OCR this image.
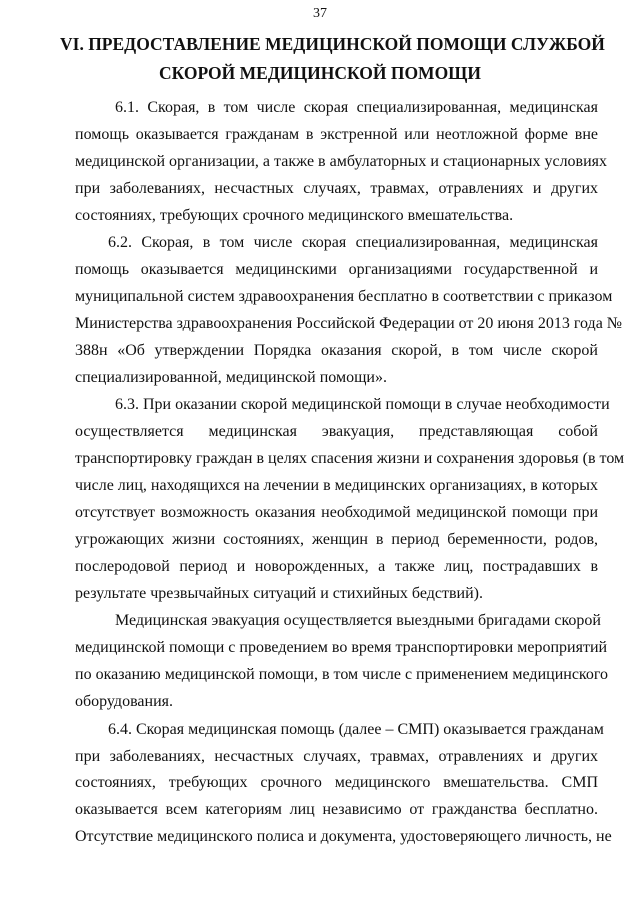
37
VI. ПРЕДОСТАВЛЕНИЕ МЕДИЦИНСКОЙ ПОМОЩИ СЛУЖБОЙ
СКОРОЙ МЕДИЦИНСКОЙ ПОМОЩИ

6.1. Скорая, в том числе скорая специализированная, медицинская
помощь оказывается гражданам в экстренной или неотложной форме вне
медицинской организации, а также в амбулаторных и стационарных условиях
при заболеваниях, несчастных случаях, травмах, отравлениях и других
состояниях, требующих срочного медицинского вмешательства.

6.2. Скорая, в том числе скорая специализированная, медицинская
помощь оказывается медицинскими организациями государственной и
муниципальной систем здравоохранения бесплатно в соответствии с приказом
Министерства здравоохранения Российской Федерации от 20 июня 2013 года №
388н «Об утверждении Порядка оказания скорой, в том числе скорой
специализированной, медицинской помощи».

6.3. При оказании скорой медицинской помощи в случае необходимости
осуществляется медицинская эвакуация, представляющая собой
транспортировку граждан в целях спасения жизни и сохранения здоровья (в том
числе лиц, находящихся на лечении в медицинских организациях, в которых
отсутствует возможность оказания необходимой медицинской помощи при
угрожающих жизни состояниях, женщин в период беременности, родов,
послеродовой период и новорожденных, а также лиц, пострадавших в
результате чрезвычайных ситуаций и стихийных бедствий).

Медицинская эвакуация осуществляется выездными бригадами скорой
медицинской помощи с проведением во время транспортировки мероприятий
по оказанию медицинской помощи, в том числе с применением медицинского
оборудования.

6.4. Скорая медицинская помощь (далее – СМП) оказывается гражданам
при заболеваниях, несчастных случаях, травмах, отравлениях и других
состояниях, требующих срочного медицинского вмешательства. СМП
оказывается всем категориям лиц независимо от гражданства бесплатно.
Отсутствие медицинского полиса и документа, удостоверяющего личность, не
